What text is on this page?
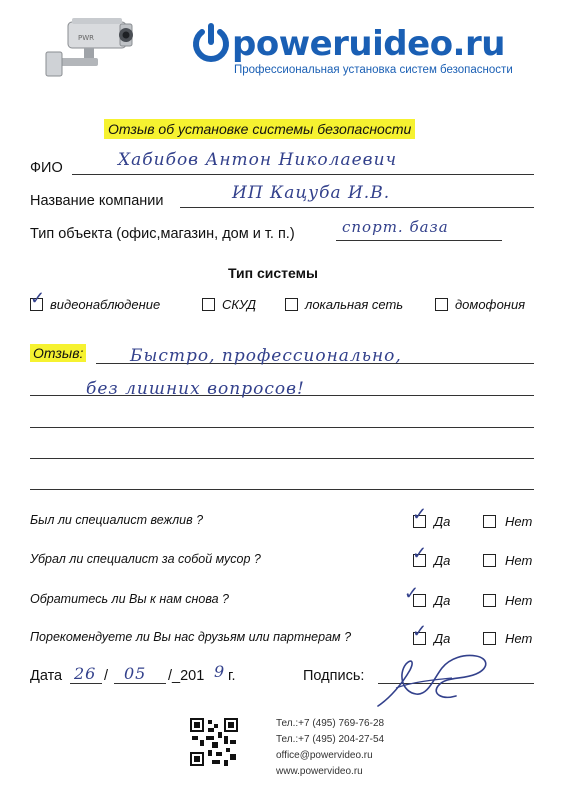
PWR	poweruideo.ru
Профессиональная установка систем безопасности
Отзыв об установке системы безопасности
ФИО	Хабибов Антон Николаевич
Название компании	ИП Кацуба И.В.
Тип объекта (офис,магазин, дом и т. п.)	спорт. база
Тип системы
✓ видеонаблюдение	СКУД	локальная сеть	домофония
Отзыв:	Быстро, профессионально,
без лишних вопросов!
Был ли специалист вежлив ?	✓ Да	Нет
Убрал ли специалист за собой мусор ?	✓ Да	Нет
Обратитесь ли Вы к нам снова ?	✓ Да	Нет
Порекомендуете ли Вы нас друзьям или партнерам ?	✓ Да	Нет
Дата 26 / 05 / _201 9 г.	Подпись:
Тел.:+7 (495) 769-76-28
Тел.:+7 (495) 204-27-54
office@powervideo.ru
www.powervideo.ru
